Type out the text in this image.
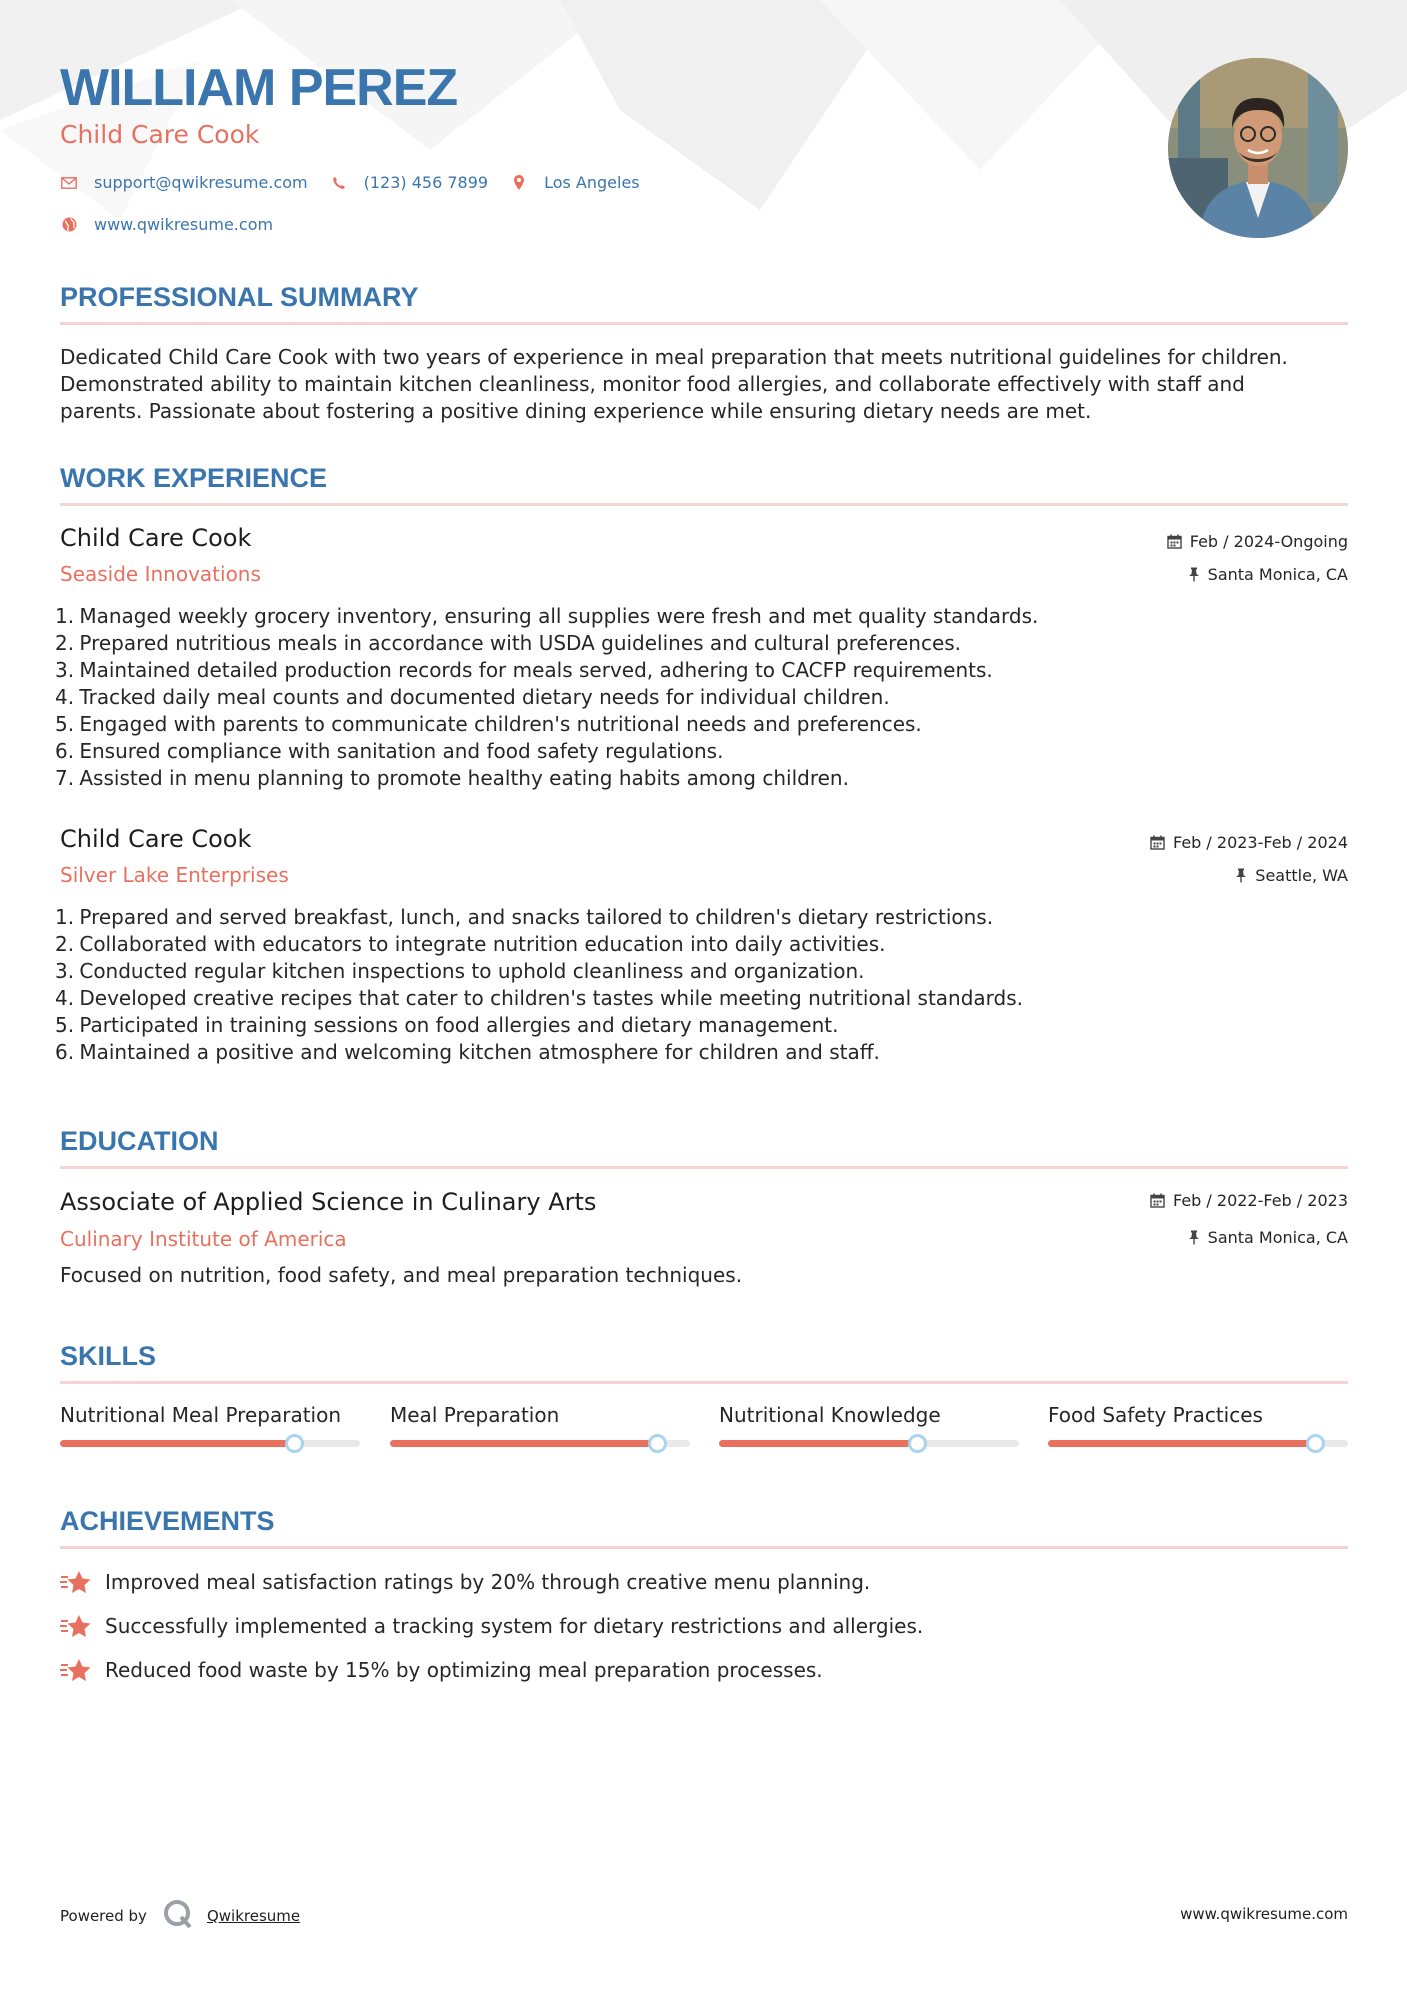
WILLIAM PEREZ
Child Care Cook
support@qwikresume.com	(123) 456 7899	Los Angeles
www.qwikresume.com
PROFESSIONAL SUMMARY
Dedicated Child Care Cook with two years of experience in meal preparation that meets nutritional guidelines for children.
Demonstrated ability to maintain kitchen cleanliness, monitor food allergies, and collaborate effectively with staff and
parents. Passionate about fostering a positive dining experience while ensuring dietary needs are met.
WORK EXPERIENCE
Child Care Cook
Seaside Innovations
Feb / 2024-Ongoing
Santa Monica, CA
1. Managed weekly grocery inventory, ensuring all supplies were fresh and met quality standards.
2. Prepared nutritious meals in accordance with USDA guidelines and cultural preferences.
3. Maintained detailed production records for meals served, adhering to CACFP requirements.
4. Tracked daily meal counts and documented dietary needs for individual children.
5. Engaged with parents to communicate children's nutritional needs and preferences.
6. Ensured compliance with sanitation and food safety regulations.
7. Assisted in menu planning to promote healthy eating habits among children.
Child Care Cook
Silver Lake Enterprises
Feb / 2023-Feb / 2024
Seattle, WA
1. Prepared and served breakfast, lunch, and snacks tailored to children's dietary restrictions.
2. Collaborated with educators to integrate nutrition education into daily activities.
3. Conducted regular kitchen inspections to uphold cleanliness and organization.
4. Developed creative recipes that cater to children's tastes while meeting nutritional standards.
5. Participated in training sessions on food allergies and dietary management.
6. Maintained a positive and welcoming kitchen atmosphere for children and staff.
EDUCATION
Associate of Applied Science in Culinary Arts
Culinary Institute of America
Feb / 2022-Feb / 2023
Santa Monica, CA
Focused on nutrition, food safety, and meal preparation techniques.
SKILLS
Nutritional Meal Preparation	Meal Preparation	Nutritional Knowledge	Food Safety Practices
ACHIEVEMENTS
Improved meal satisfaction ratings by 20% through creative menu planning.
Successfully implemented a tracking system for dietary restrictions and allergies.
Reduced food waste by 15% by optimizing meal preparation processes.
Powered by	Qwikresume	www.qwikresume.com
